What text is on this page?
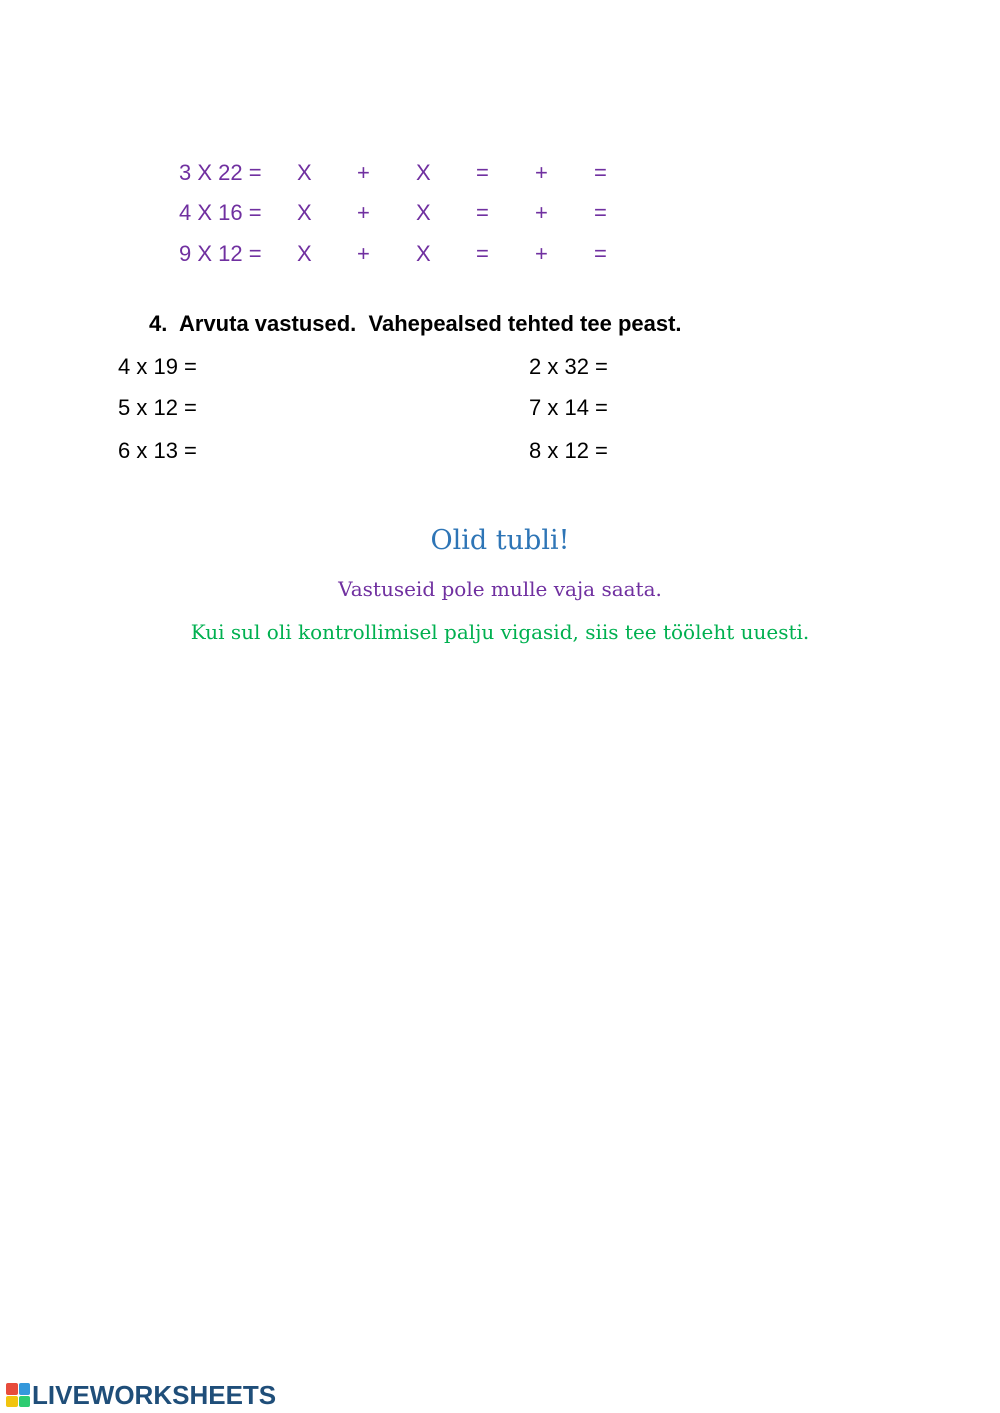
3 X 22 = X + X = + =
4 X 16 = X + X = + =
9 X 12 = X + X = + =
4. Arvuta vastused.  Vahepealsed tehted tee peast.
4 x 19 =
5 x 12 =
6 x 13 =
2 x 32 =
7 x 14 =
8 x 12 =
Olid tubli!
Vastuseid pole mulle vaja saata.
Kui sul oli kontrollimisel palju vigasid, siis tee tööleht uuesti.
LIVEWORKSHEETS
